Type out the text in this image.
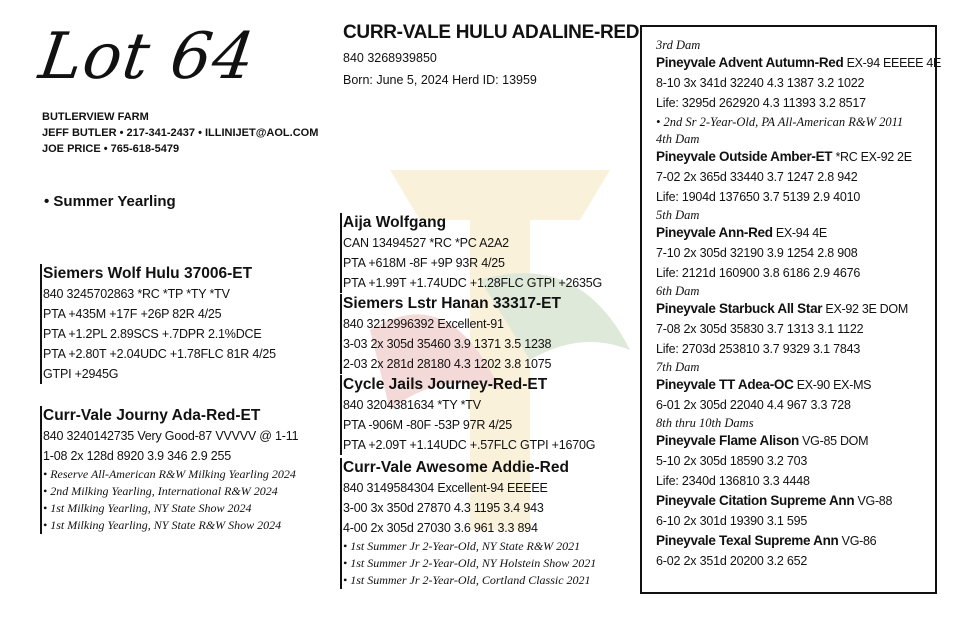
Lot 64
BUTLERVIEW FARM
JEFF BUTLER • 217-341-2437 • ILLINIJET@AOL.COM
JOE PRICE • 765-618-5479
• Summer Yearling
Siemers Wolf Hulu 37006-ET
840 3245702863 *RC *TP *TY *TV
PTA +435M +17F +26P 82R 4/25
PTA +1.2PL 2.89SCS +.7DPR 2.1%DCE
PTA +2.80T +2.04UDC +1.78FLC 81R 4/25
GTPI +2945G
Curr-Vale Journy Ada-Red-ET
840 3240142735 Very Good-87 VVVVV @ 1-11
1-08 2x 128d 8920 3.9 346 2.9 255
• Reserve All-American R&W Milking Yearling 2024
• 2nd Milking Yearling, International R&W 2024
• 1st Milking Yearling, NY State Show 2024
• 1st Milking Yearling, NY State R&W Show 2024
CURR-VALE HULU ADALINE-RED
840 3268939850
Born: June 5, 2024 Herd ID: 13959
Aija Wolfgang
CAN 13494527 *RC *PC A2A2
PTA +618M -8F +9P 93R 4/25
PTA +1.99T +1.74UDC +1.28FLC GTPI +2635G
Siemers Lstr Hanan 33317-ET
840 3212996392 Excellent-91
3-03 2x 305d 35460 3.9 1371 3.5 1238
2-03 2x 281d 28180 4.3 1202 3.8 1075
Cycle Jails Journey-Red-ET
840 3204381634 *TY *TV
PTA -906M -80F -53P 97R 4/25
PTA +2.09T +1.14UDC +.57FLC GTPI +1670G
Curr-Vale Awesome Addie-Red
840 3149584304 Excellent-94 EEEEE
3-00 3x 350d 27870 4.3 1195 3.4 943
4-00 2x 305d 27030 3.6 961 3.3 894
• 1st Summer Jr 2-Year-Old, NY State R&W 2021
• 1st Summer Jr 2-Year-Old, NY Holstein Show 2021
• 1st Summer Jr 2-Year-Old, Cortland Classic 2021
3rd Dam
Pineyvale Advent Autumn-Red EX-94 EEEEE 4E
8-10 3x 341d 32240 4.3 1387 3.2 1022
Life: 3295d 262920 4.3 11393 3.2 8517
• 2nd Sr 2-Year-Old, PA All-American R&W 2011
4th Dam
Pineyvale Outside Amber-ET *RC EX-92 2E
7-02 2x 365d 33440 3.7 1247 2.8 942
Life: 1904d 137650 3.7 5139 2.9 4010
5th Dam
Pineyvale Ann-Red EX-94 4E
7-10 2x 305d 32190 3.9 1254 2.8 908
Life: 2121d 160900 3.8 6186 2.9 4676
6th Dam
Pineyvale Starbuck All Star EX-92 3E DOM
7-08 2x 305d 35830 3.7 1313 3.1 1122
Life: 2703d 253810 3.7 9329 3.1 7843
7th Dam
Pineyvale TT Adea-OC EX-90 EX-MS
6-01 2x 305d 22040 4.4 967 3.3 728
8th thru 10th Dams
Pineyvale Flame Alison VG-85 DOM
5-10 2x 305d 18590 3.2 703
Life: 2340d 136810 3.3 4448
Pineyvale Citation Supreme Ann VG-88
6-10 2x 301d 19390 3.1 595
Pineyvale Texal Supreme Ann VG-86
6-02 2x 351d 20200 3.2 652
